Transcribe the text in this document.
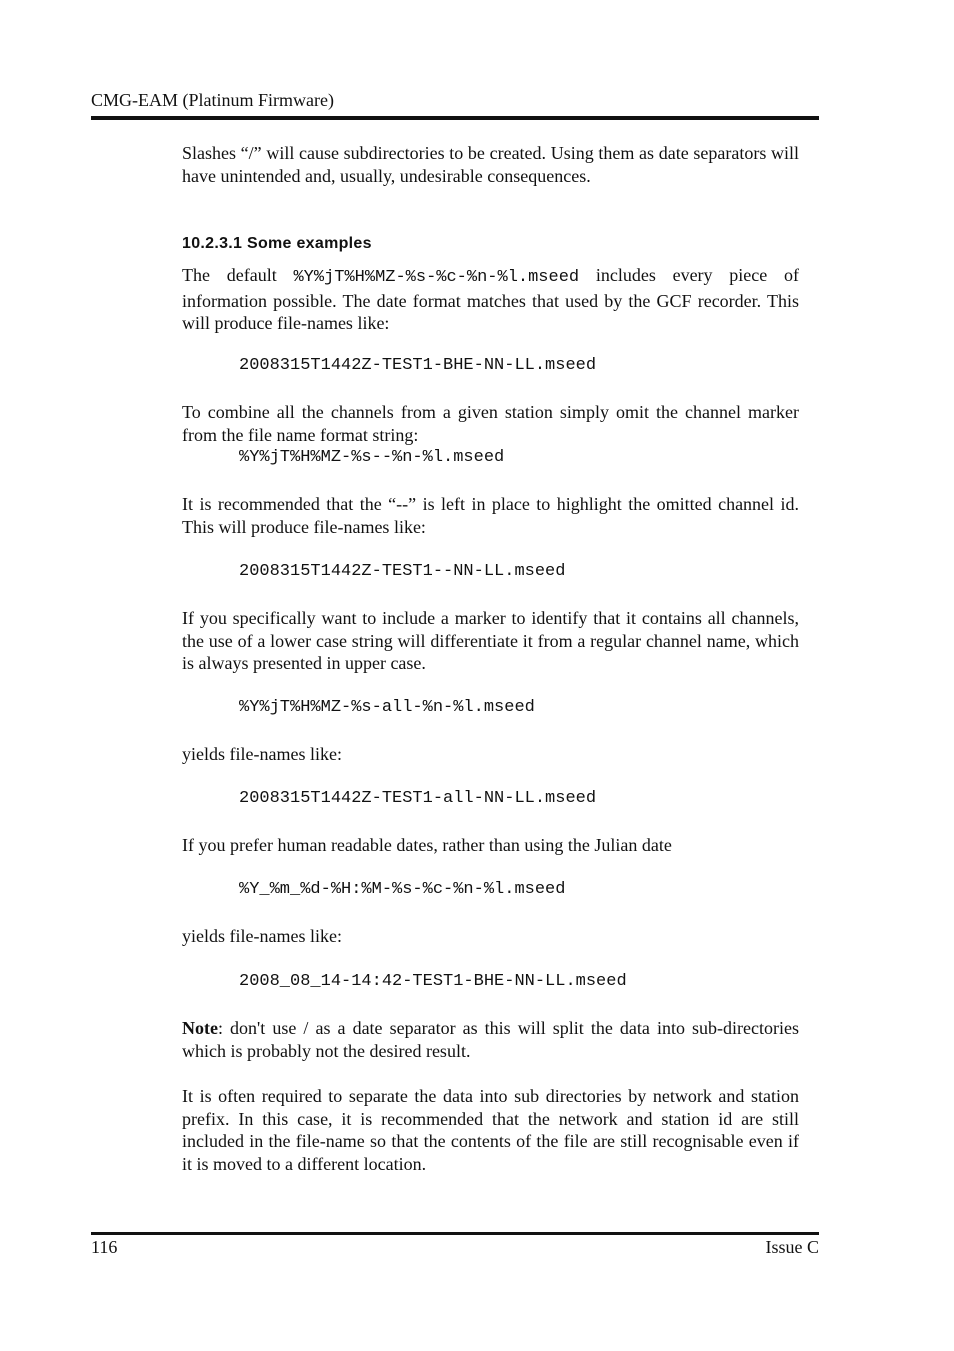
CMG-EAM (Platinum Firmware)

Slashes “/” will cause subdirectories to be created. Using them as date separators will have unintended and, usually, undesirable consequences.

10.2.3.1 Some examples

The default %Y%jT%H%MZ-%s-%c-%n-%l.mseed includes every piece of information possible. The date format matches that used by the GCF recorder. This will produce file-names like:

2008315T1442Z-TEST1-BHE-NN-LL.mseed

To combine all the channels from a given station simply omit the channel marker from the file name format string:

%Y%jT%H%MZ-%s--%n-%l.mseed

It is recommended that the “--” is left in place to highlight the omitted channel id. This will produce file-names like:

2008315T1442Z-TEST1--NN-LL.mseed

If you specifically want to include a marker to identify that it contains all channels, the use of a lower case string will differentiate it from a regular channel name, which is always presented in upper case.

%Y%jT%H%MZ-%s-all-%n-%l.mseed

yields file-names like:

2008315T1442Z-TEST1-all-NN-LL.mseed

If you prefer human readable dates, rather than using the Julian date

%Y_%m_%d-%H:%M-%s-%c-%n-%l.mseed

yields file-names like:

2008_08_14-14:42-TEST1-BHE-NN-LL.mseed

Note: don't use / as a date separator as this will split the data into sub-directories which is probably not the desired result.

It is often required to separate the data into sub directories by network and station prefix. In this case, it is recommended that the network and station id are still included in the file-name so that the contents of the file are still recognisable even if it is moved to a different location.

116	Issue C
